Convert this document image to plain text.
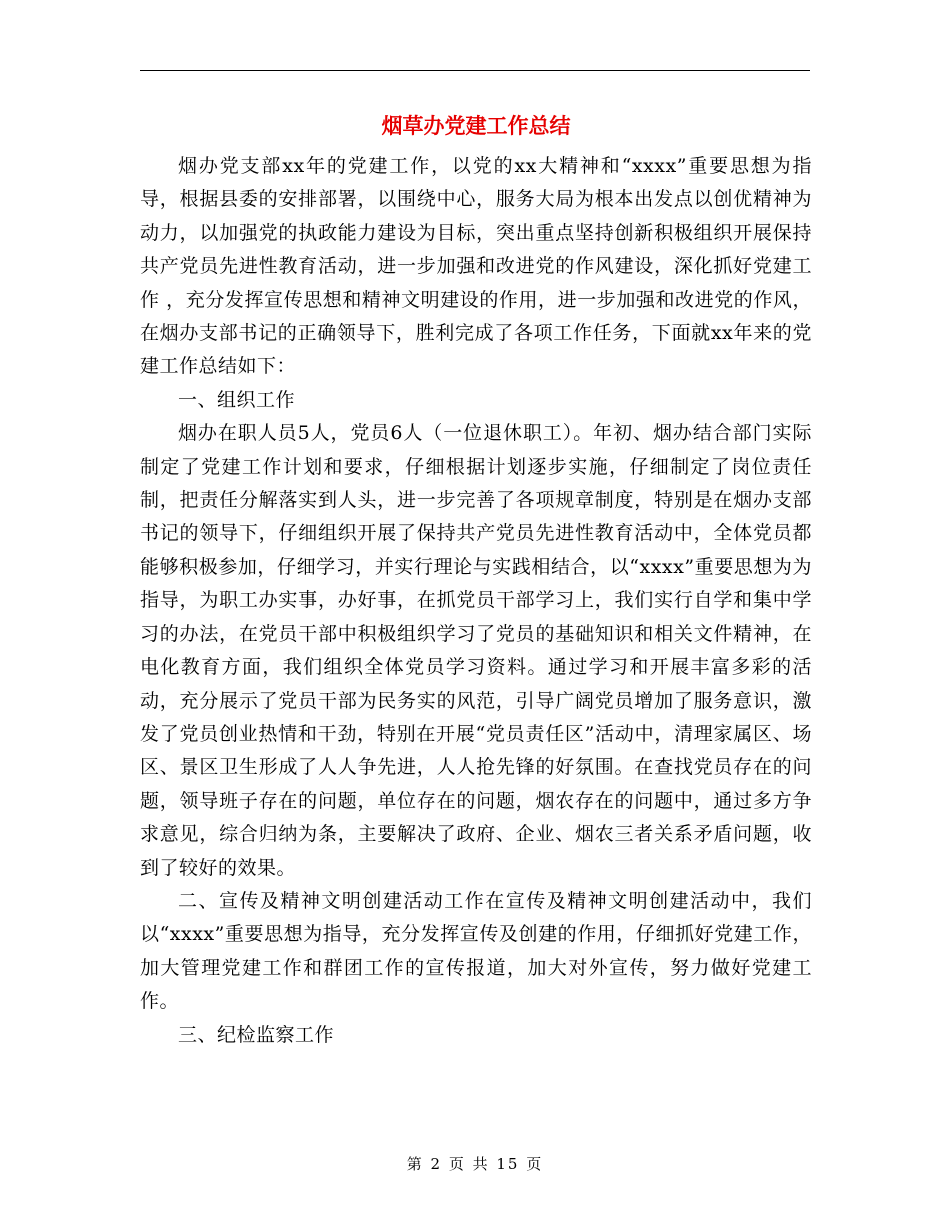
烟草办党建工作总结

烟办党支部xx年的党建工作，以党的xx大精神和“xxxx”重要思想为指导，根据县委的安排部署，以围绕中心，服务大局为根本出发点以创优精神为动力，以加强党的执政能力建设为目标，突出重点坚持创新积极组织开展保持共产党员先进性教育活动，进一步加强和改进党的作风建设，深化抓好党建工作 ，充分发挥宣传思想和精神文明建设的作用，进一步加强和改进党的作风，在烟办支部书记的正确领导下，胜利完成了各项工作任务，下面就xx年来的党建工作总结如下：

一、组织工作

烟办在职人员5人，党员6人（一位退休职工）。年初、烟办结合部门实际制定了党建工作计划和要求，仔细根据计划逐步实施，仔细制定了岗位责任制，把责任分解落实到人头，进一步完善了各项规章制度，特别是在烟办支部书记的领导下，仔细组织开展了保持共产党员先进性教育活动中，全体党员都能够积极参加，仔细学习，并实行理论与实践相结合，以“xxxx”重要思想为为指导，为职工办实事，办好事，在抓党员干部学习上，我们实行自学和集中学习的办法，在党员干部中积极组织学习了党员的基础知识和相关文件精神，在电化教育方面，我们组织全体党员学习资料。通过学习和开展丰富多彩的活动，充分展示了党员干部为民务实的风范，引导广阔党员增加了服务意识，激发了党员创业热情和干劲，特别在开展“党员责任区”活动中，清理家属区、场区、景区卫生形成了人人争先进，人人抢先锋的好氛围。在查找党员存在的问题，领导班子存在的问题，单位存在的问题，烟农存在的问题中，通过多方争求意见，综合归纳为条，主要解决了政府、企业、烟农三者关系矛盾问题，收到了较好的效果。

二、宣传及精神文明创建活动工作在宣传及精神文明创建活动中，我们以“xxxx”重要思想为指导，充分发挥宣传及创建的作用，仔细抓好党建工作，加大管理党建工作和群团工作的宣传报道，加大对外宣传，努力做好党建工作。

三、纪检监察工作

第 2 页 共 15 页
